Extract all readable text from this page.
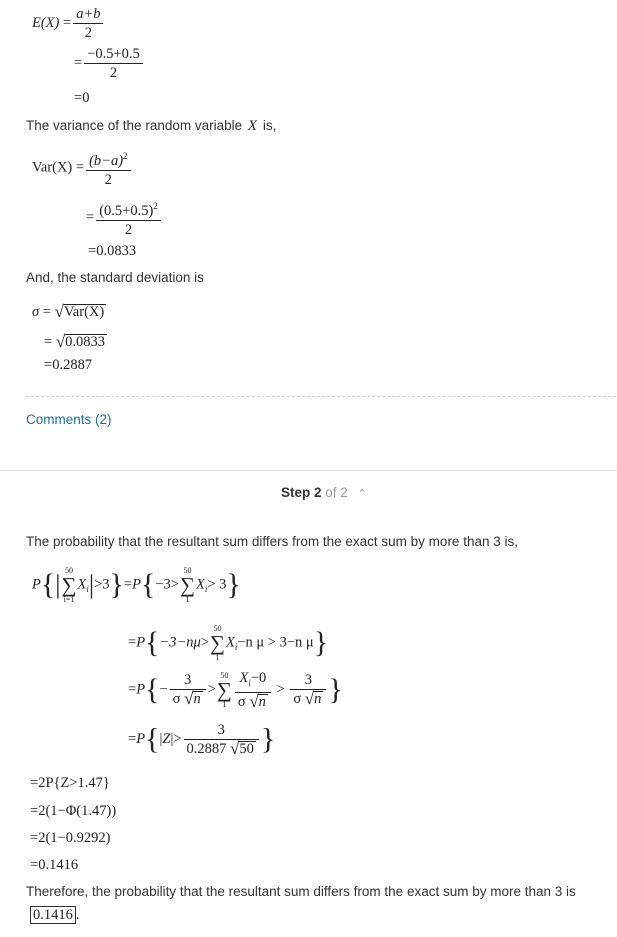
$E(X) = \frac{a+b}{2}$
= $\frac{-0.5+0.5}{2}$
=0
The variance of the random variable X is,
$Var(X) = \frac{(b-a)^2}{2}$
= $\frac{(0.5+0.5)^2}{2}$
=0.0833
And, the standard deviation is
σ = √Var(X)
= √0.0833
=0.2887
Comments (2)
Step 2 of 2 ⌃
The probability that the resultant sum differs from the exact sum by more than 3 is,
P{| 50
∑
i=1
$X_i|>3\}=P\{-3>$
50
∑
1
$X_i> 3$}
=P{−3−nμ>
50
∑
1
$X_i-n$ μ > 3−n μ}
$=P\{- \frac{3}{\sigma √n}$ >
50
∑
$1 \frac{X_i-0}{\sigma √n} > \frac{3}{\sigma √n}$ }
$=P\{|Z|> \frac{3}{0.2887 √50}$ }
=2P{Z>1.47}
=2(1−Φ(1.47))
=2(1−0.9292)
=0.1416
Therefore, the probability that the resultant sum differs from the exact sum by more than 3 is
0.1416 .
